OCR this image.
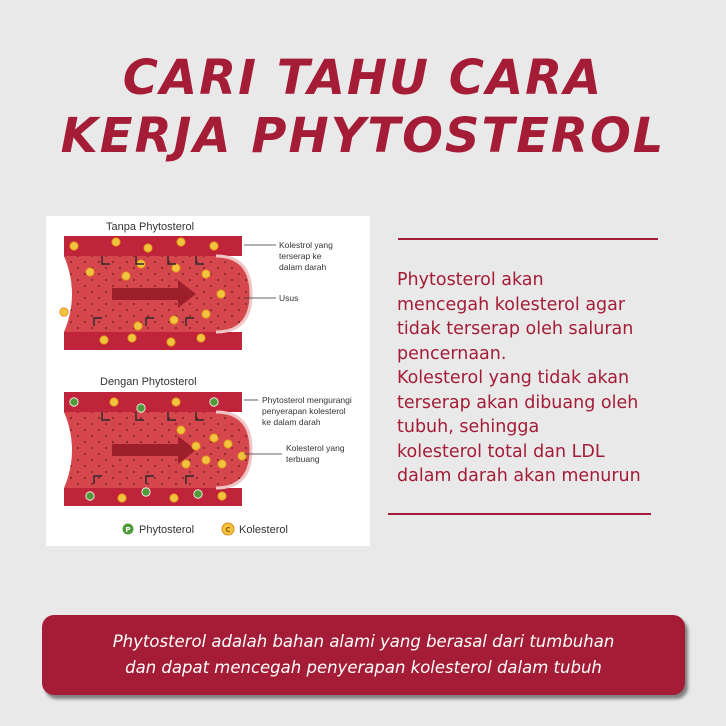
CARI TAHU CARA
KERJA PHYTOSTEROL
Tanpa Phytosterol
Kolestrol yang
terserap ke
dalam darah
Usus
Dengan Phytosterol
Phytosterol mengurangi
penyerapan kolesterol
ke dalam darah
Kolesterol yang
terbuang
P Phytosterol	C Kolesterol
Phytosterol akan
mencegah kolesterol agar
tidak terserap oleh saluran
pencernaan.
Kolesterol yang tidak akan
terserap akan dibuang oleh
tubuh, sehingga
kolesterol total dan LDL
dalam darah akan menurun
Phytosterol adalah bahan alami yang berasal dari tumbuhan
dan dapat mencegah penyerapan kolesterol dalam tubuh
